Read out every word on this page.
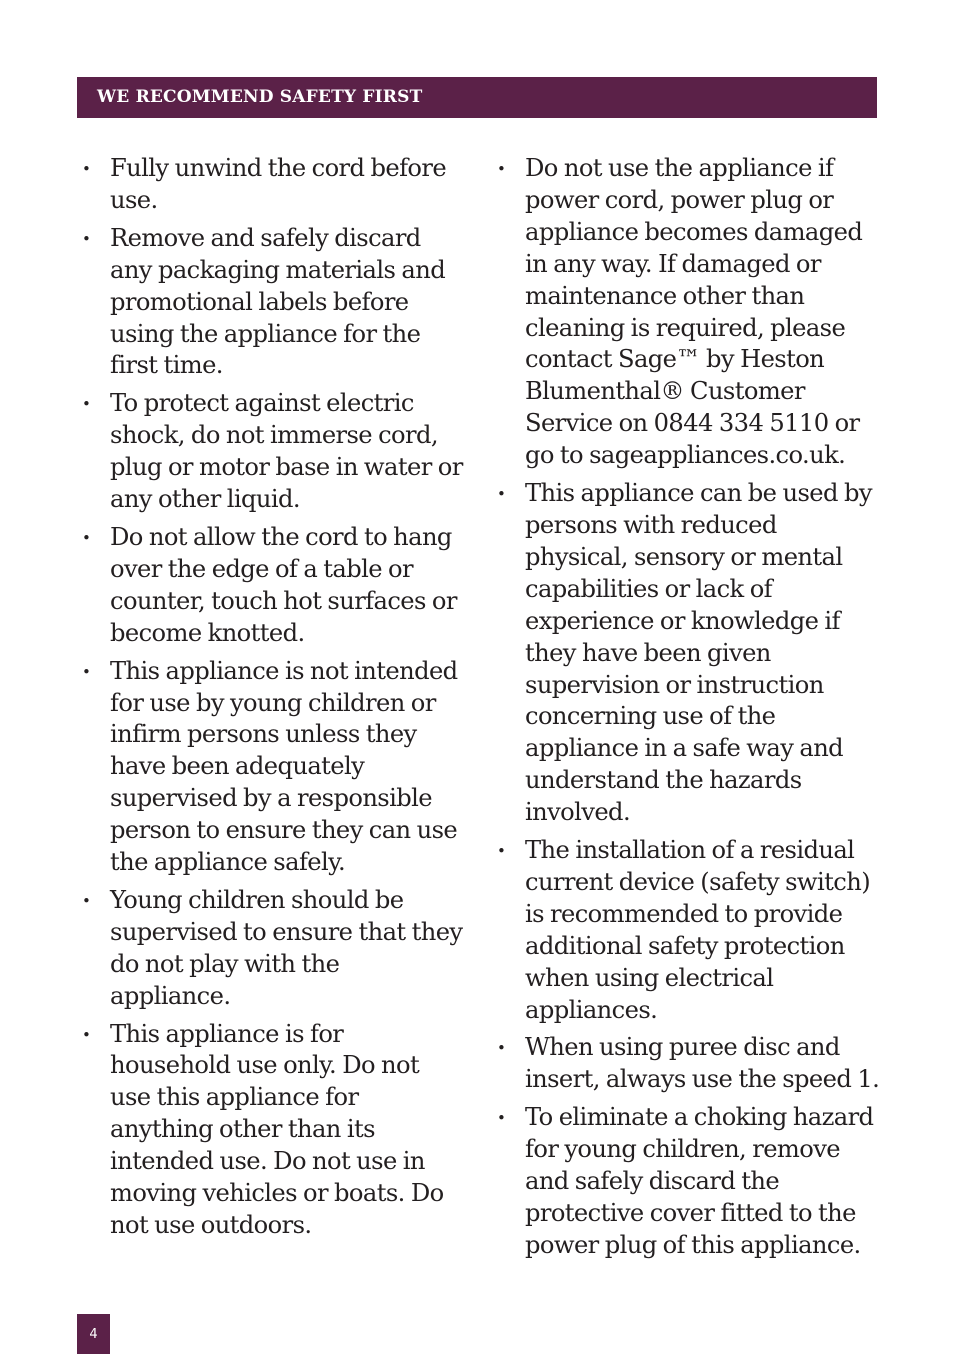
WE RECOMMEND SAFETY FIRST
• Fully unwind the cord before use.
• Remove and safely discard any packaging materials and promotional labels before using the appliance for the first time.
• To protect against electric shock, do not immerse cord, plug or motor base in water or any other liquid.
• Do not allow the cord to hang over the edge of a table or counter, touch hot surfaces or become knotted.
• This appliance is not intended for use by young children or infirm persons unless they have been adequately supervised by a responsible person to ensure they can use the appliance safely.
• Young children should be supervised to ensure that they do not play with the appliance.
• This appliance is for household use only. Do not use this appliance for anything other than its intended use. Do not use in moving vehicles or boats. Do not use outdoors.
• Do not use the appliance if power cord, power plug or appliance becomes damaged in any way. If damaged or maintenance other than cleaning is required, please contact Sage™ by Heston Blumenthal® Customer Service on 0844 334 5110 or go to sageappliances.co.uk.
• This appliance can be used by persons with reduced physical, sensory or mental capabilities or lack of experience or knowledge if they have been given supervision or instruction concerning use of the appliance in a safe way and understand the hazards involved.
• The installation of a residual current device (safety switch) is recommended to provide additional safety protection when using electrical appliances.
• When using puree disc and insert, always use the speed 1.
• To eliminate a choking hazard for young children, remove and safely discard the protective cover fitted to the power plug of this appliance.
4
